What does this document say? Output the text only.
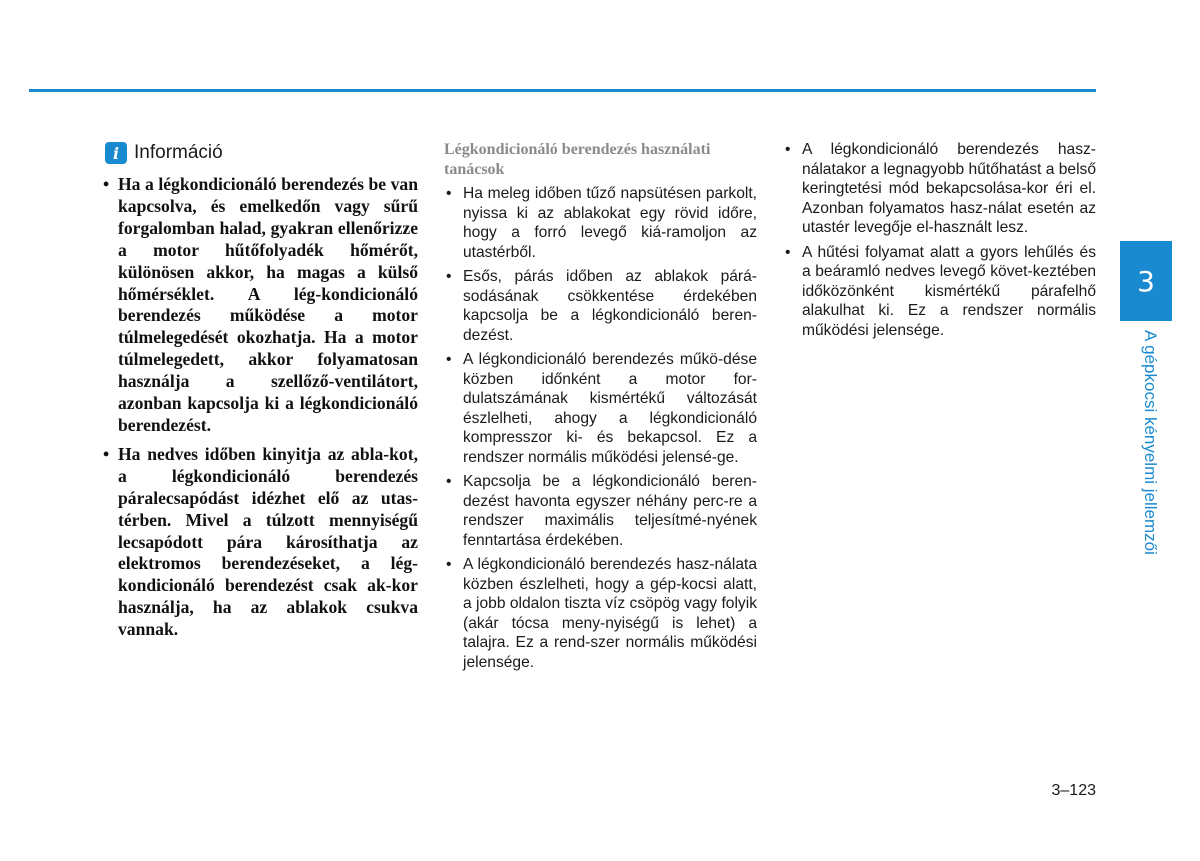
i Információ
• Ha a légkondicionáló berendezés be van kapcsolva, és emelkedőn vagy sűrű forgalomban halad, gyakran ellenőrizze a motor hűtőfolyadék hőmérőt, különösen akkor, ha magas a külső hőmérséklet. A lég-kondicionáló berendezés működése a motor túlmelegedését okozhatja. Ha a motor túlmelegedett, akkor folyamatosan használja a szellőző-ventilátort, azonban kapcsolja ki a légkondicionáló berendezést.
• Ha nedves időben kinyitja az abla-kot, a légkondicionáló berendezés páralecsapódást idézhet elő az utas-térben. Mivel a túlzott mennyiségű lecsapódott pára károsíthatja az elektromos berendezéseket, a lég-kondicionáló berendezést csak ak-kor használja, ha az ablakok csukva vannak.
Légkondicionáló berendezés használati tanácsok
• Ha meleg időben tűző napsütésen parkolt, nyissa ki az ablakokat egy rövid időre, hogy a forró levegő kiá-ramoljon az utastérből.
• Esős, párás időben az ablakok párá-sodásának csökkentése érdekében kapcsolja be a légkondicionáló beren-dezést.
• A légkondicionáló berendezés műkö-dése közben időnként a motor for-dulatszámának kismértékű változását észlelheti, ahogy a légkondicionáló kompresszor ki- és bekapcsol. Ez a rendszer normális működési jelensé-ge.
• Kapcsolja be a légkondicionáló beren-dezést havonta egyszer néhány perc-re a rendszer maximális teljesítmé-nyének fenntartása érdekében.
• A légkondicionáló berendezés hasz-nálata közben észlelheti, hogy a gép-kocsi alatt, a jobb oldalon tiszta víz csöpög vagy folyik (akár tócsa meny-nyiségű is lehet) a talajra. Ez a rend-szer normális működési jelensége.
• A légkondicionáló berendezés hasz-nálatakor a legnagyobb hűtőhatást a belső keringtetési mód bekapcsolása-kor éri el. Azonban folyamatos hasz-nálat esetén az utastér levegője el-használt lesz.
• A hűtési folyamat alatt a gyors lehűlés és a beáramló nedves levegő követ-keztében időközönként kismértékű párafelhő alakulhat ki. Ez a rendszer normális működési jelensége.
3
A gépkocsi kényelmi jellemzői
3–123
